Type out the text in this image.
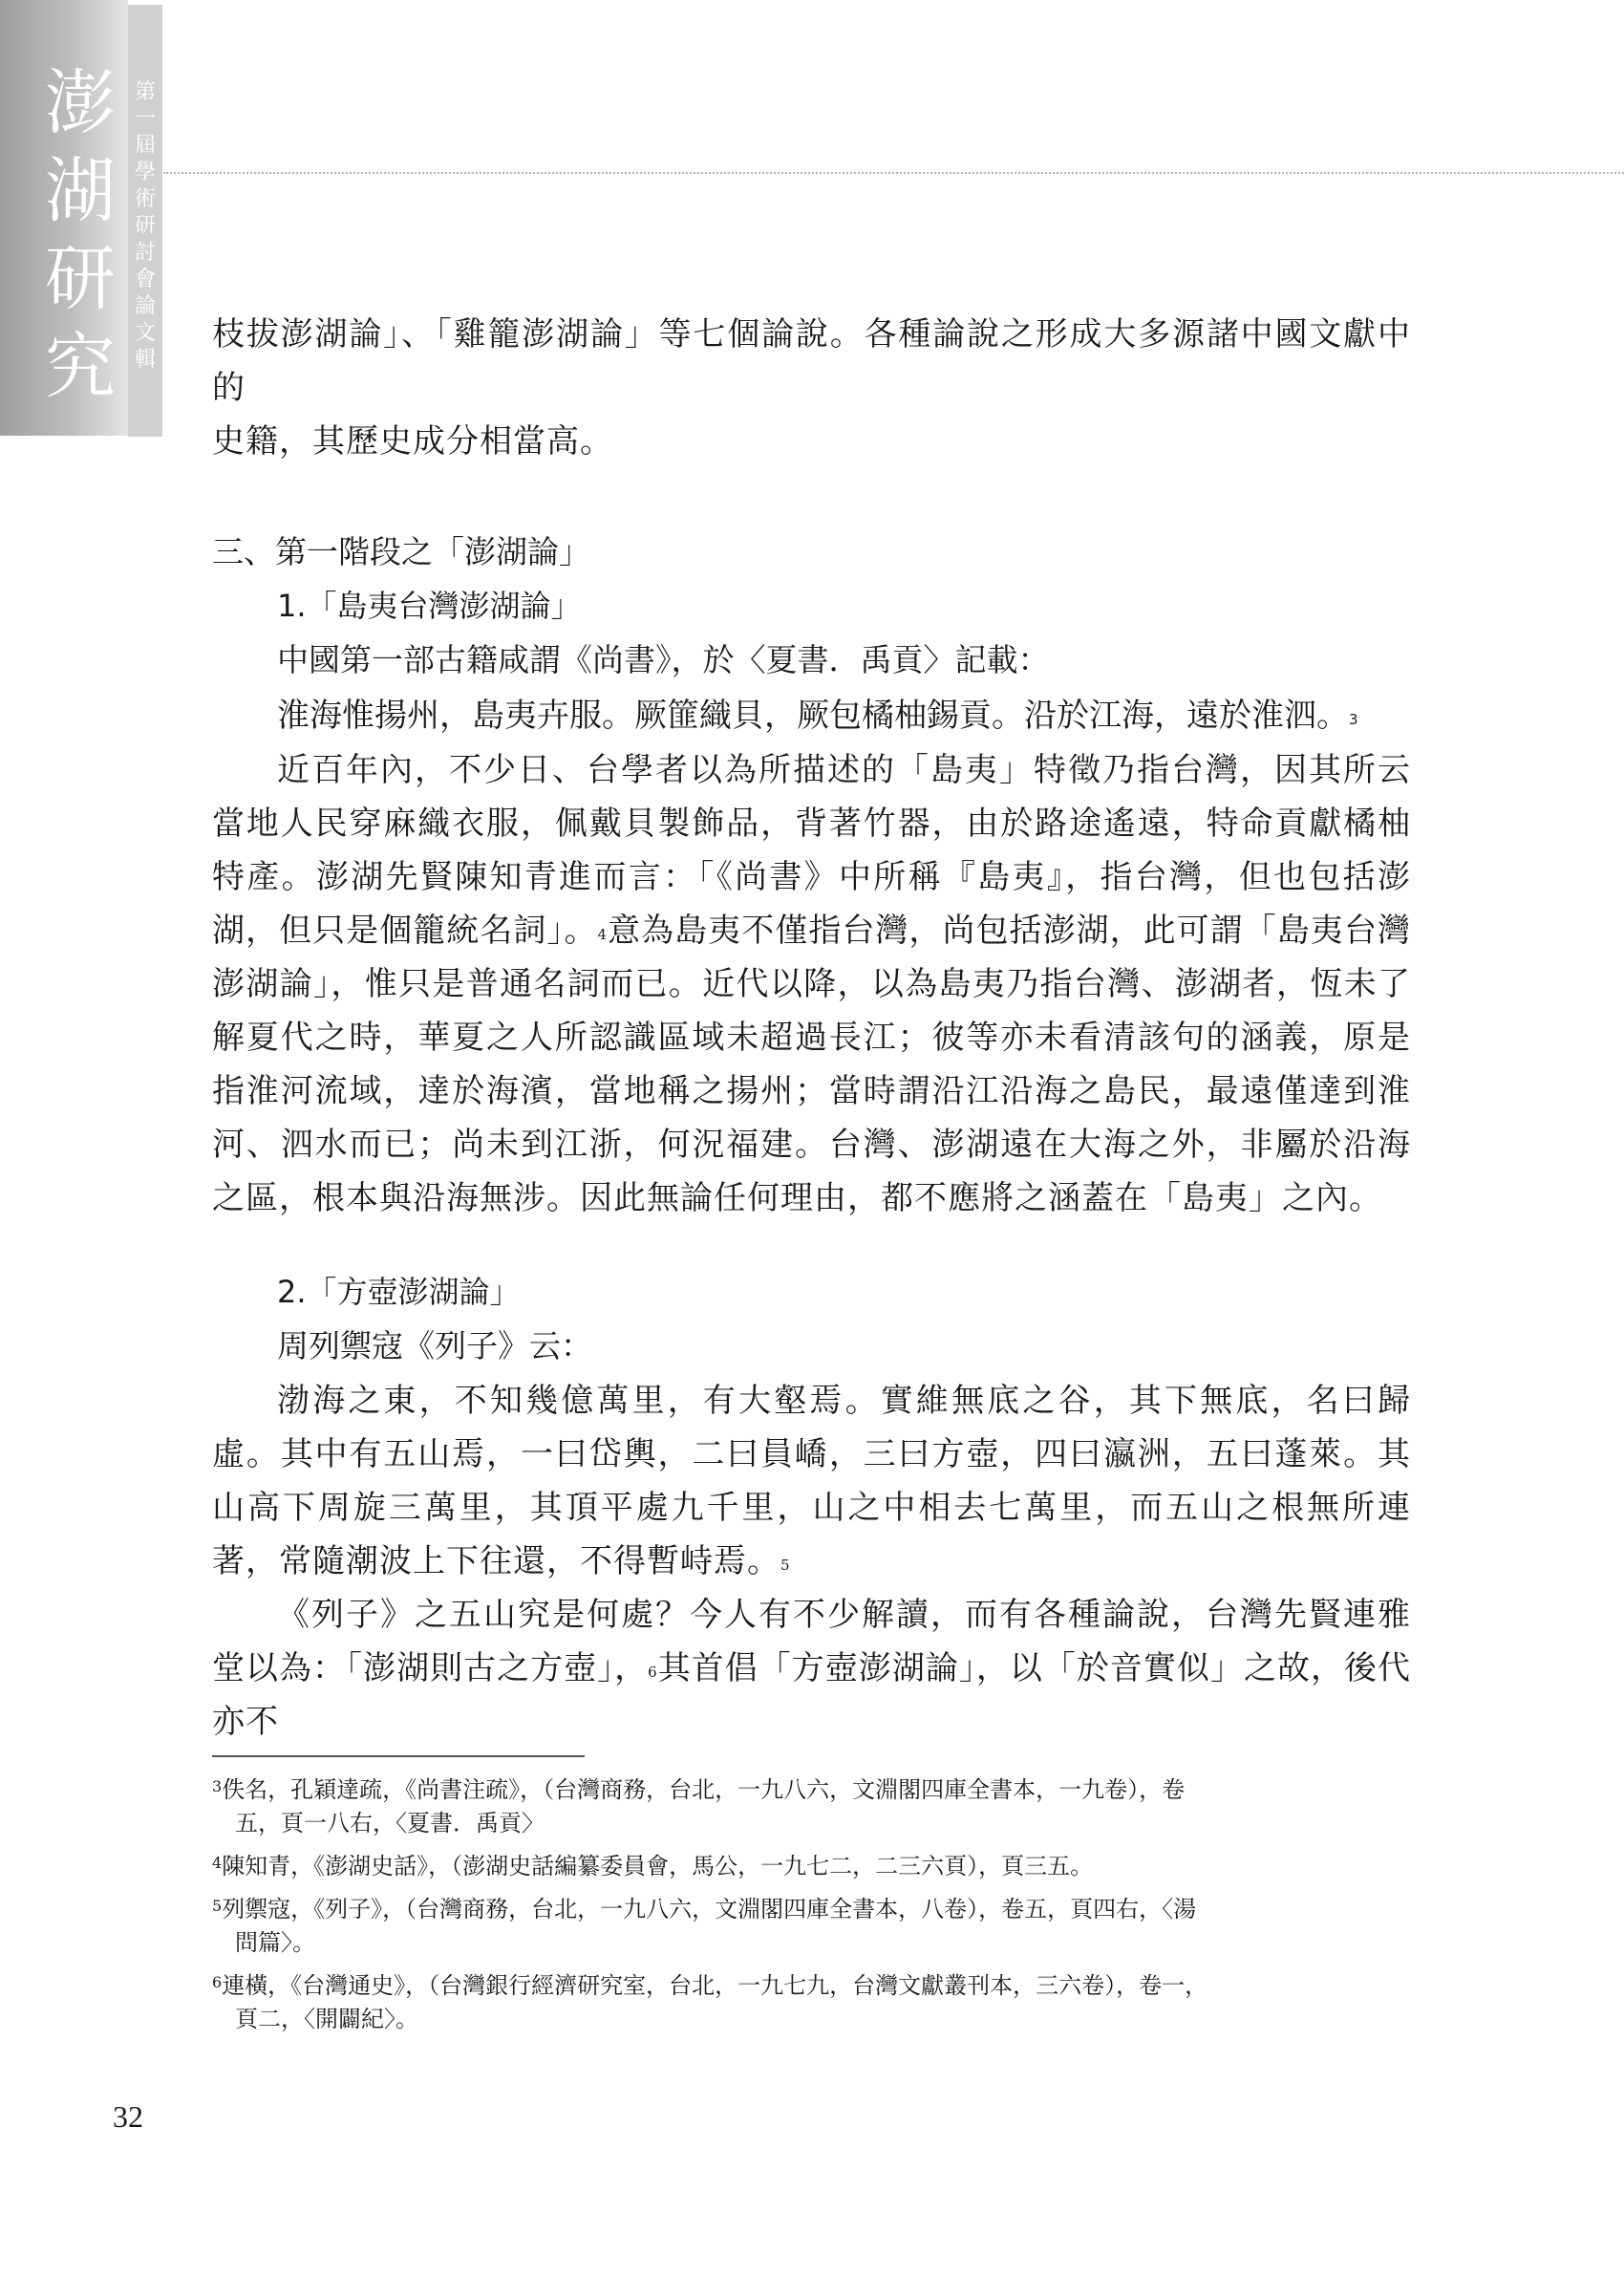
澎
湖
研
究
第
一
屆
學
術
研
討
會
論
文
輯

枝拔澎湖論」、「雞籠澎湖論」等七個論說。各種論說之形成大多源諸中國文獻中的

史籍，其歷史成分相當高。

三、第一階段之「澎湖論」

1.「島夷台灣澎湖論」

中國第一部古籍咸謂《尚書》，於〈夏書．禹貢〉記載：

淮海惟揚州，島夷卉服。厥篚織貝，厥包橘柚錫貢。沿於江海，遠於淮泗。$^3$

近百年內，不少日、台學者以為所描述的「島夷」特徵乃指台灣，因其所云當地人民穿麻織衣服，佩戴貝製飾品，背著竹器，由於路途遙遠，特命貢獻橘柚特產。澎湖先賢陳知青進而言：「《尚書》中所稱『島夷』，指台灣，但也包括澎湖，但只是個籠統名詞」。$^4$意為島夷不僅指台灣，尚包括澎湖，此可謂「島夷台灣澎湖論」，惟只是普通名詞而已。近代以降，以為島夷乃指台灣、澎湖者，恆未了解夏代之時，華夏之人所認識區域未超過長江；彼等亦未看清該句的涵義，原是指淮河流域，達於海濱，當地稱之揚州；當時謂沿江沿海之島民，最遠僅達到淮河、泗水而已；尚未到江浙，何況福建。台灣、澎湖遠在大海之外，非屬於沿海之區，根本與沿海無涉。因此無論任何理由，都不應將之涵蓋在「島夷」之內。

2.「方壺澎湖論」

周列禦寇《列子》云：

渤海之東，不知幾億萬里，有大壑焉。實維無底之谷，其下無底，名曰歸虛。其中有五山焉，一曰岱輿，二曰員嶠，三曰方壺，四曰瀛洲，五曰蓬萊。其山高下周旋三萬里，其頂平處九千里，山之中相去七萬里，而五山之根無所連著，常隨潮波上下往還，不得暫峙焉。$^5$

《列子》之五山究是何處？今人有不少解讀，而有各種論說，台灣先賢連雅堂以為：「澎湖則古之方壺」，$^6$其首倡「方壺澎湖論」，以「於音實似」之故，後代亦不

$^3$佚名，孔穎達疏，《尚書注疏》，（台灣商務，台北，一九八六，文淵閣四庫全書本，一九卷），卷
五，頁一八右，〈夏書．禹貢〉
$^4$陳知青，《澎湖史話》，（澎湖史話編纂委員會，馬公，一九七二，二三六頁），頁三五。
$^5$列禦寇，《列子》，（台灣商務，台北，一九八六，文淵閣四庫全書本，八卷），卷五，頁四右，〈湯
問篇〉。
$^6$連橫，《台灣通史》，（台灣銀行經濟研究室，台北，一九七九，台灣文獻叢刊本，三六卷），卷一，
頁二，〈開闢紀〉。
32
